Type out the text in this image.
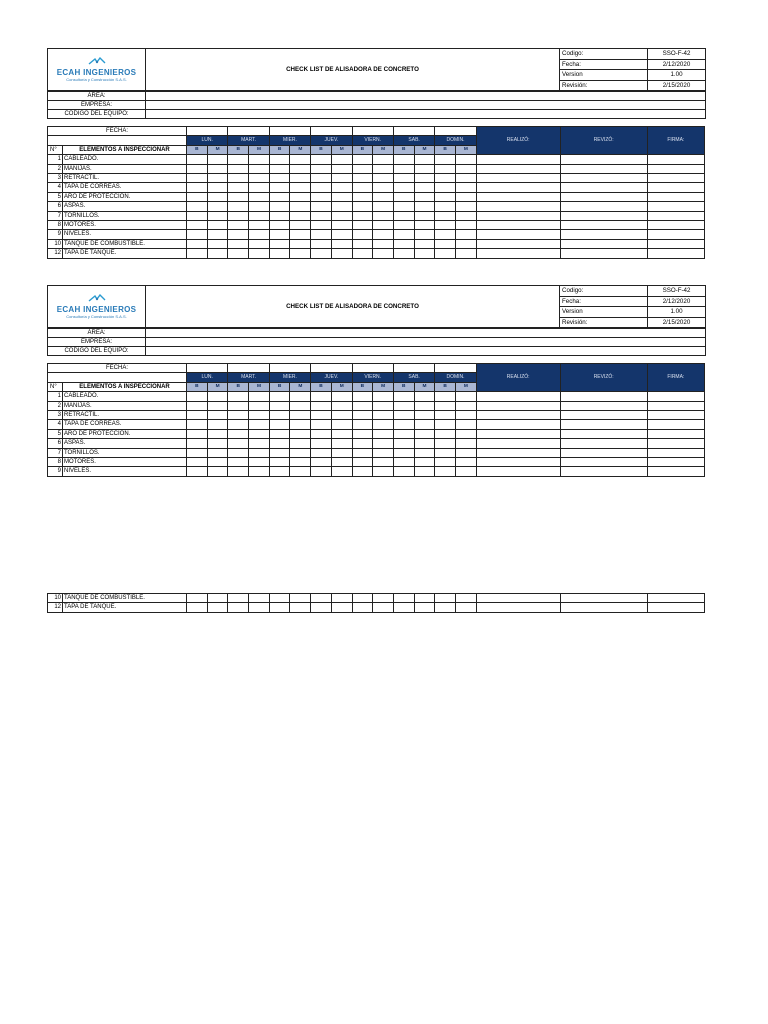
ECAH INGENIEROS
Consultoría y Construcción S.A.S.	CHECK LIST DE ALISADORA DE CONCRETO	Codigo:	SSO-F-42
		Fecha:	2/12/2020
		Version	1.00
		Revisión:	2/15/2020
ÁREA:	
EMPRESA:	
CODIGO DEL EQUIPO:	
FECHA:																REALIZÓ:	REVIZÓ:	FIRMA:
		LUN.		MART.		MIER.		JUEV.		VIERN.		SAB.		DOMIN.				
N°	ELEMENTOS A INSPECCIONAR	B	M	B	M	B	M	B	M	B	M	B	M	B	M			
1	CABLEADO.																	
2	MANIJAS.																	
3	RETRACTIL.																	
4	TAPA DE CORREAS.																	
5	ARO DE PROTECCIÓN.																	
6	ASPAS.																	
7	TORNILLOS.																	
8	MOTORES.																	
9	NIVELES.																	
10	TANQUE DE COMBUSTIBLE.																	
12	TAPA DE TANQUE.																	
ECAH INGENIEROS
Consultoría y Construcción S.A.S.	CHECK LIST DE ALISADORA DE CONCRETO	Codigo:	SSO-F-42
		Fecha:	2/12/2020
		Version	1.00
		Revisión:	2/15/2020
ÁREA:	
EMPRESA:	
CODIGO DEL EQUIPO:	
FECHA:																REALIZÓ:	REVIZÓ:	FIRMA:
		LUN.		MART.		MIER.		JUEV.		VIERN.		SAB.		DOMIN.				
N°	ELEMENTOS A INSPECCIONAR	B	M	B	M	B	M	B	M	B	M	B	M	B	M			
1	CABLEADO.																	
2	MANIJAS.																	
3	RETRACTIL.																	
4	TAPA DE CORREAS.																	
5	ARO DE PROTECCIÓN.																	
6	ASPAS.																	
7	TORNILLOS.																	
8	MOTORES.																	
9	NIVELES.																	
10	TANQUE DE COMBUSTIBLE.																	
12	TAPA DE TANQUE.																	
